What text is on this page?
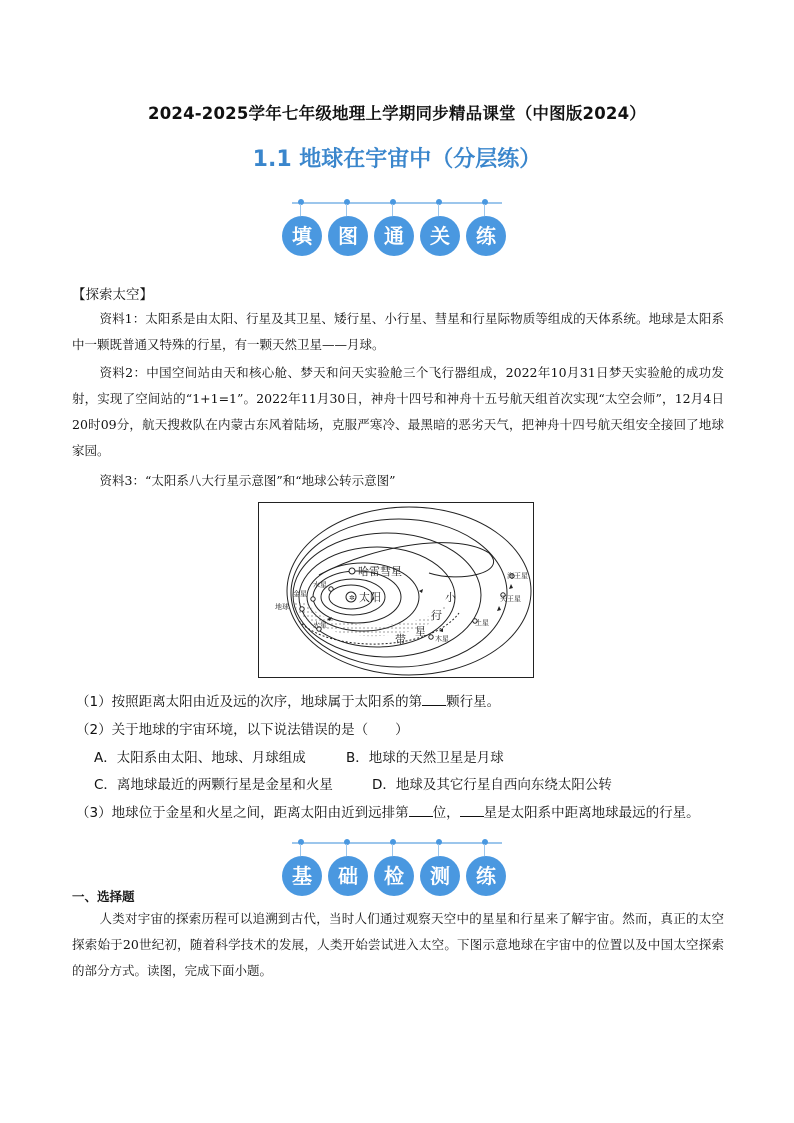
2024-2025学年七年级地理上学期同步精品课堂（中图版2024）
1.1 地球在宇宙中（分层练）
填	图	通	关	练
【探索太空】
资料1：太阳系是由太阳、行星及其卫星、矮行星、小行星、彗星和行星际物质等组成的天体系统。地球是太阳系中一颗既普通又特殊的行星，有一颗天然卫星——月球。
资料2：中国空间站由天和核心舱、梦天和问天实验舱三个飞行器组成，2022年10月31日梦天实验舱的成功发射，实现了空间站的“1+1=1”。2022年11月30日，神舟十四号和神舟十五号航天组首次实现“太空会师”，12月4日20时09分，航天搜救队在内蒙古东风着陆场，克服严寒冷、最黑暗的恶劣天气，把神舟十四号航天组安全接回了地球家园。
资料3：“太阳系八大行星示意图”和“地球公转示意图”
✲ 太阳
哈雷彗星
小
行
带
星
水星
金星
地球
火星
木星
土星
天王星
海王星
（1）按照距离太阳由近及远的次序，地球属于太阳系的第 颗行星。
（2）关于地球的宇宙环境，以下说法错误的是（　　）
A．太阳系由太阳、地球、月球组成	B．地球的天然卫星是月球
C．离地球最近的两颗行星是金星和火星	D．地球及其它行星自西向东绕太阳公转
（3）地球位于金星和火星之间，距离太阳由近到远排第 位， 星是太阳系中距离地球最远的行星。
基	础	检	测	练
一、选择题
人类对宇宙的探索历程可以追溯到古代，当时人们通过观察天空中的星星和行星来了解宇宙。然而，真正的太空探索始于20世纪初，随着科学技术的发展，人类开始尝试进入太空。下图示意地球在宇宙中的位置以及中国太空探索的部分方式。读图，完成下面小题。
